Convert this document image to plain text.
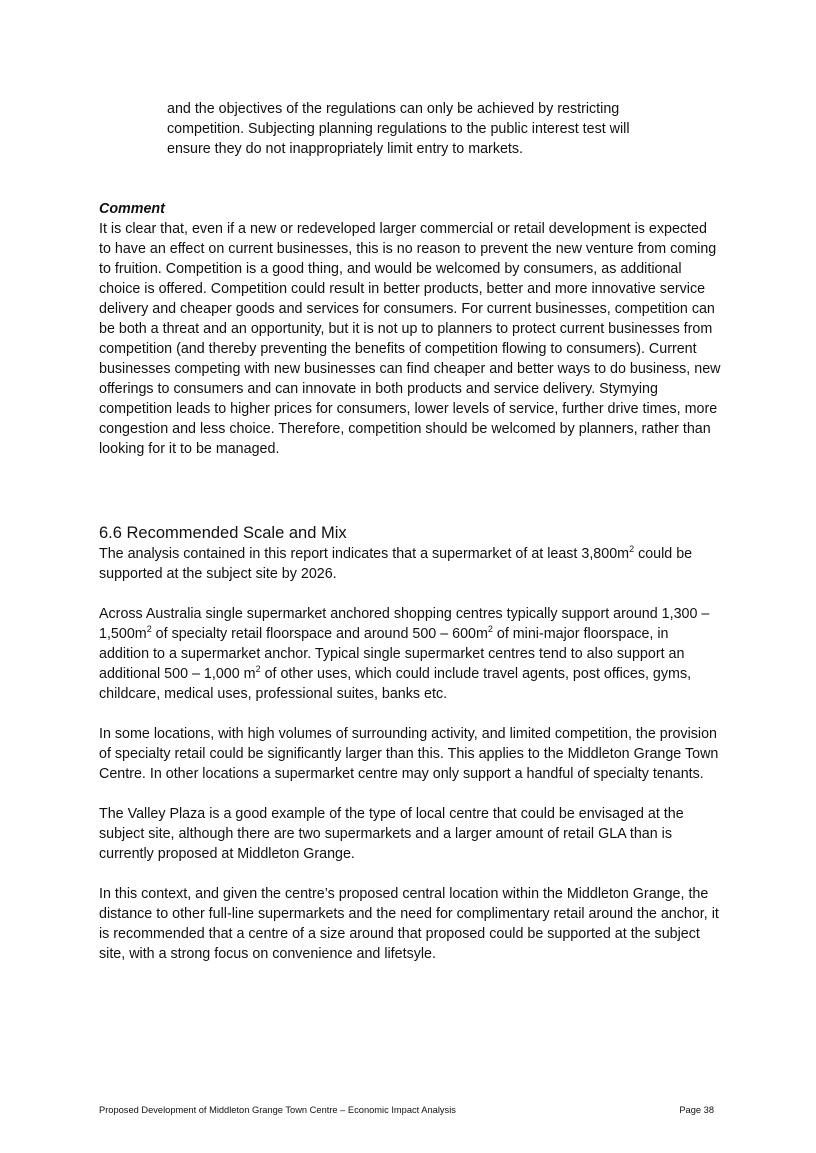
and the objectives of the regulations can only be achieved by restricting competition. Subjecting planning regulations to the public interest test will ensure they do not inappropriately limit entry to markets.

Comment

It is clear that, even if a new or redeveloped larger commercial or retail development is expected to have an effect on current businesses, this is no reason to prevent the new venture from coming to fruition. Competition is a good thing, and would be welcomed by consumers, as additional choice is offered. Competition could result in better products, better and more innovative service delivery and cheaper goods and services for consumers. For current businesses, competition can be both a threat and an opportunity, but it is not up to planners to protect current businesses from competition (and thereby preventing the benefits of competition flowing to consumers). Current businesses competing with new businesses can find cheaper and better ways to do business, new offerings to consumers and can innovate in both products and service delivery. Stymying competition leads to higher prices for consumers, lower levels of service, further drive times, more congestion and less choice. Therefore, competition should be welcomed by planners, rather than looking for it to be managed.

6.6 Recommended Scale and Mix

The analysis contained in this report indicates that a supermarket of at least $3,800m^2$ could be supported at the subject site by 2026.

Across Australia single supermarket anchored shopping centres typically support around $1,300 - 1,500m^2$ of specialty retail floorspace and around $500 - 600m^2$ of mini-major floorspace, in addition to a supermarket anchor. Typical single supermarket centres tend to also support an additional 500 – 1,000 $m^2$ of other uses, which could include travel agents, post offices, gyms, childcare, medical uses, professional suites, banks etc.

In some locations, with high volumes of surrounding activity, and limited competition, the provision of specialty retail could be significantly larger than this. This applies to the Middleton Grange Town Centre. In other locations a supermarket centre may only support a handful of specialty tenants.

The Valley Plaza is a good example of the type of local centre that could be envisaged at the subject site, although there are two supermarkets and a larger amount of retail GLA than is currently proposed at Middleton Grange.

In this context, and given the centre’s proposed central location within the Middleton Grange, the distance to other full-line supermarkets and the need for complimentary retail around the anchor, it is recommended that a centre of a size around that proposed could be supported at the subject site, with a strong focus on convenience and lifetsyle.

Proposed Development of Middleton Grange Town Centre – Economic Impact Analysis	Page 38
